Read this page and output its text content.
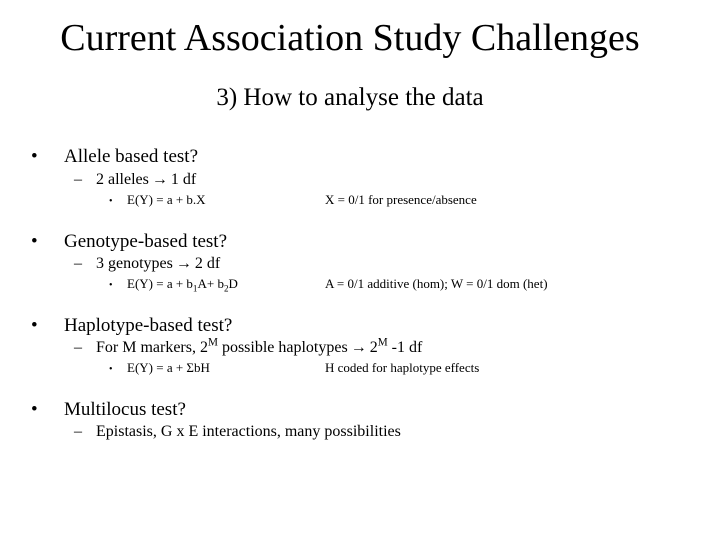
Current Association Study Challenges
3) How to analyse the data
• Allele based test?
– 2 alleles → 1 df
• E(Y) = a + b.X	X = 0/1 for presence/absence
• Genotype-based test?
– 3 genotypes → 2 df
• $E(Y) = a + b_1A+ b_2D$	A = 0/1 additive (hom); W = 0/1 dom (het)
• Haplotype-based test?
– For M markers, $2^M$ possible haplotypes → $2^M$ -1 df
• E(Y) = a + ΣbH	H coded for haplotype effects
• Multilocus test?
– Epistasis, G x E interactions, many possibilities
